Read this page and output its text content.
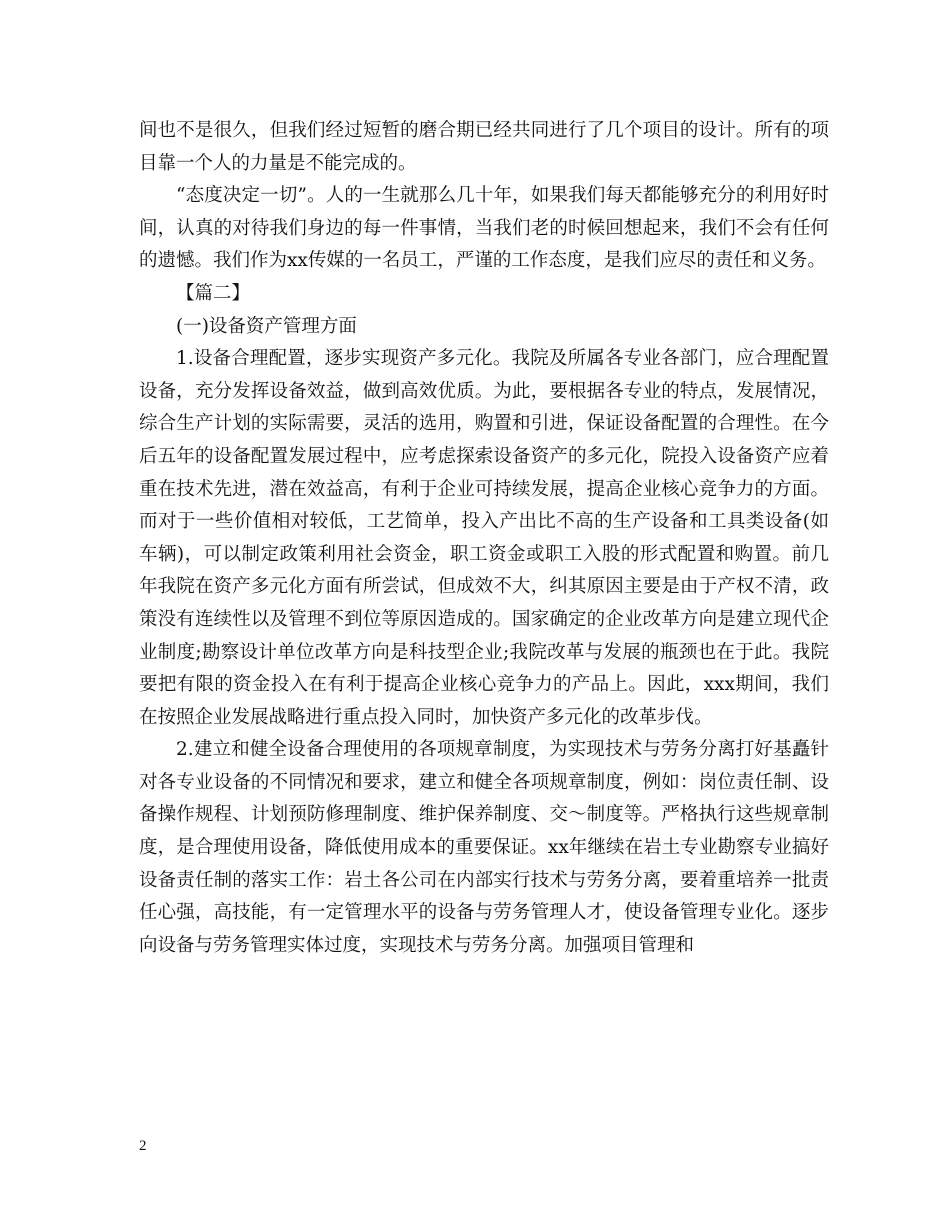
间也不是很久，但我们经过短暂的磨合期已经共同进行了几个项目的设计。所有的项目靠一个人的力量是不能完成的。

“态度决定一切”。人的一生就那么几十年，如果我们每天都能够充分的利用好时间，认真的对待我们身边的每一件事情，当我们老的时候回想起来，我们不会有任何的遗憾。我们作为xx传媒的一名员工，严谨的工作态度，是我们应尽的责任和义务。

【篇二】

(一)设备资产管理方面

1.设备合理配置，逐步实现资产多元化。我院及所属各专业各部门，应合理配置设备，充分发挥设备效益，做到高效优质。为此，要根据各专业的特点，发展情况，综合生产计划的实际需要，灵活的选用，购置和引进，保证设备配置的合理性。在今后五年的设备配置发展过程中，应考虑探索设备资产的多元化，院投入设备资产应着重在技术先进，潜在效益高，有利于企业可持续发展，提高企业核心竞争力的方面。而对于一些价值相对较低，工艺简单，投入产出比不高的生产设备和工具类设备(如车辆)，可以制定政策利用社会资金，职工资金或职工入股的形式配置和购置。前几年我院在资产多元化方面有所尝试，但成效不大，纠其原因主要是由于产权不清，政策没有连续性以及管理不到位等原因造成的。国家确定的企业改革方向是建立现代企业制度;勘察设计单位改革方向是科技型企业;我院改革与发展的瓶颈也在于此。我院要把有限的资金投入在有利于提高企业核心竞争力的产品上。因此，xxx期间，我们在按照企业发展战略进行重点投入同时，加快资产多元化的改革步伐。

2.建立和健全设备合理使用的各项规章制度，为实现技术与劳务分离打好基矗针对各专业设备的不同情况和要求，建立和健全各项规章制度，例如：岗位责任制、设备操作规程、计划预防修理制度、维护保养制度、交～制度等。严格执行这些规章制度，是合理使用设备，降低使用成本的重要保证。xx年继续在岩土专业勘察专业搞好设备责任制的落实工作：岩土各公司在内部实行技术与劳务分离，要着重培养一批责任心强，高技能，有一定管理水平的设备与劳务管理人才，使设备管理专业化。逐步向设备与劳务管理实体过度，实现技术与劳务分离。加强项目管理和

2
